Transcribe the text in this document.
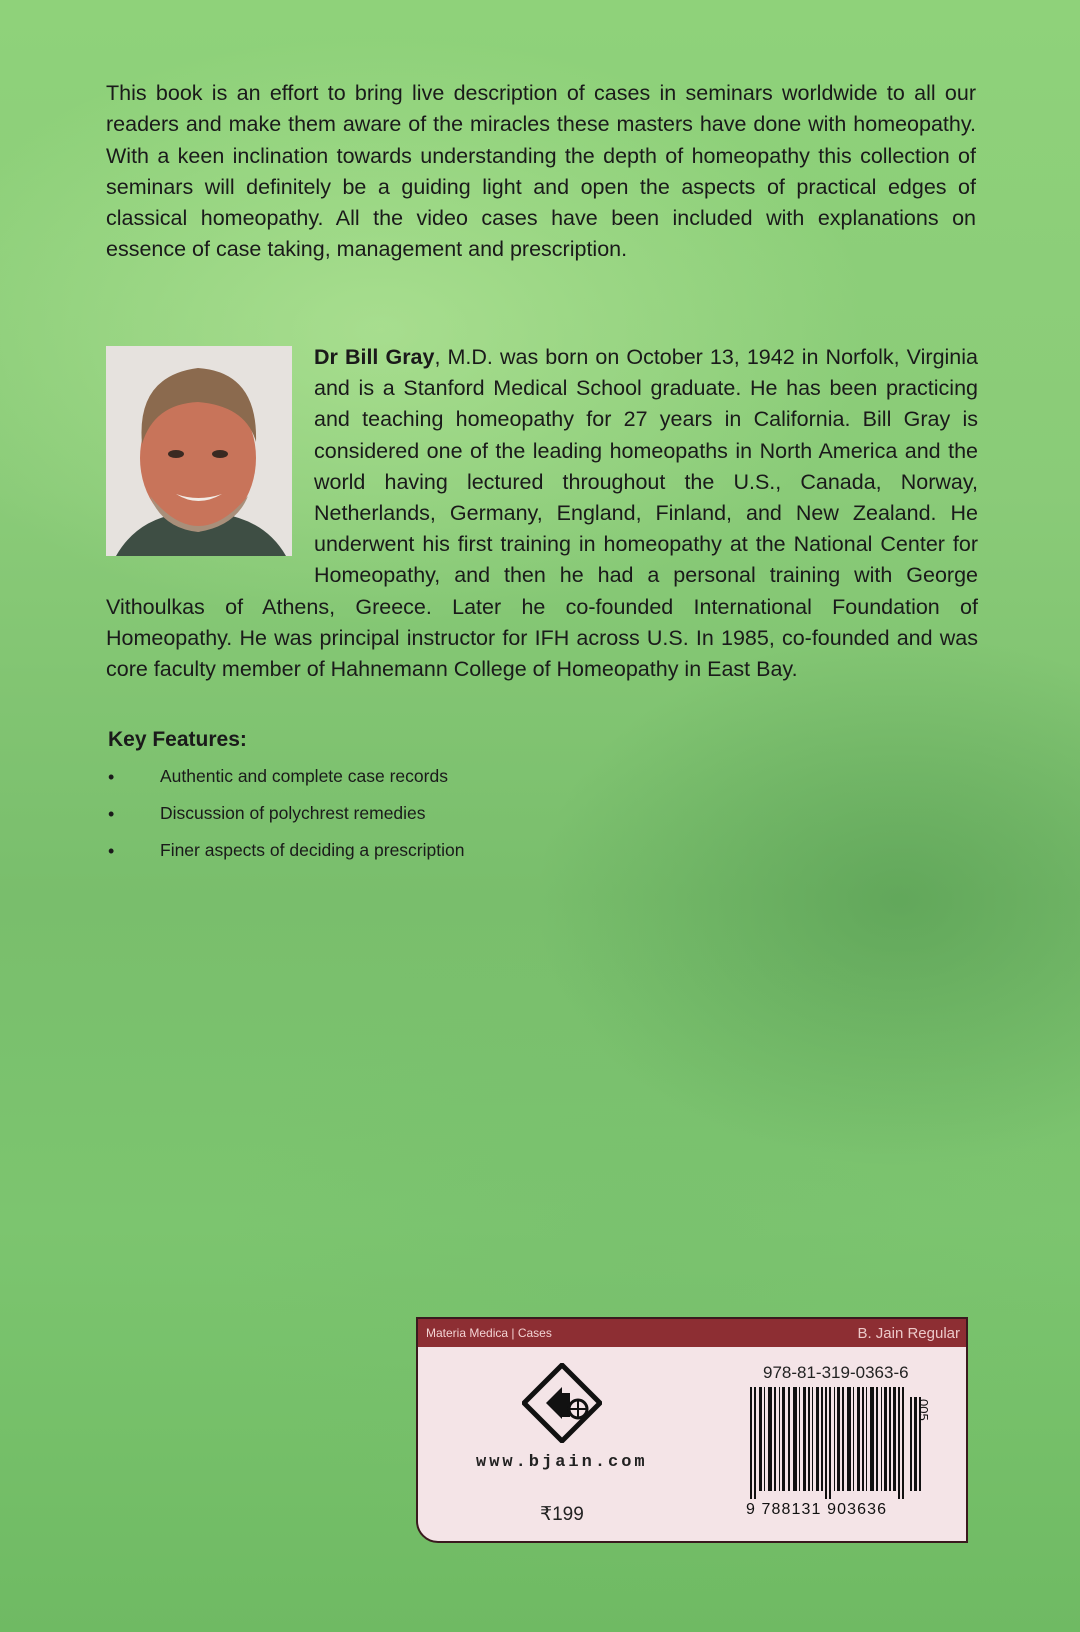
This book is an effort to bring live description of cases in seminars worldwide to all our readers and make them aware of the miracles these masters have done with homeopathy. With a keen inclination towards understanding the depth of homeopathy this collection of seminars will definitely be a guiding light and open the aspects of practical edges of classical homeopathy. All the video cases have been included with explanations on essence of case taking, management and prescription.

Dr Bill Gray, M.D. was born on October 13, 1942 in Norfolk, Virginia and is a Stanford Medical School graduate. He has been practicing and teaching homeopathy for 27 years in California. Bill Gray is considered one of the leading homeopaths in North America and the world having lectured throughout the U.S., Canada, Norway, Netherlands, Germany, England, Finland, and New Zealand. He underwent his first training in homeopathy at the National Center for Homeopathy, and then he had a personal training with George Vithoulkas of Athens, Greece. Later he co-founded International Foundation of Homeopathy. He was principal instructor for IFH across U.S. In 1985, co-founded and was core faculty member of Hahnemann College of Homeopathy in East Bay.

Key Features:
•	Authentic and complete case records
•	Discussion of polychrest remedies
•	Finer aspects of deciding a prescription
Materia Medica | Cases	B. Jain Regular
www.bjain.com
₹199
978-81-319-0363-6
9 788131 903636
005
